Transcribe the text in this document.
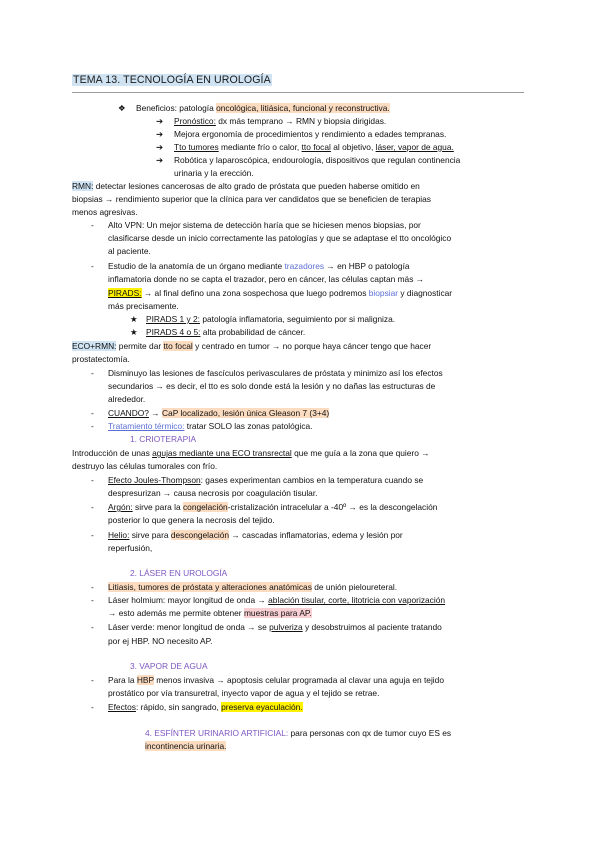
TEMA 13. TECNOLOGÍA EN UROLOGÍA
❖ Beneficios: patología oncológica, litiásica, funcional y reconstructiva.
➔ Pronóstico: dx más temprano → RMN y biopsia dirigidas.
➔ Mejora ergonomía de procedimientos y rendimiento a edades tempranas.
➔ Tto tumores mediante frío o calor, tto focal al objetivo, láser, vapor de agua.
➔ Robótica y laparoscópica, endourología, dispositivos que regulan continencia
urinaria y la erección.
RMN: detectar lesiones cancerosas de alto grado de próstata que pueden haberse omitido en
biopsias → rendimiento superior que la clínica para ver candidatos que se beneficien de terapias
menos agresivas.
- Alto VPN: Un mejor sistema de detección haría que se hiciesen menos biopsias, por
clasificarse desde un inicio correctamente las patologías y que se adaptase el tto oncológico
al paciente.
- Estudio de la anatomía de un órgano mediante trazadores → en HBP o patología
inflamatoria donde no se capta el trazador, pero en cáncer, las células captan más →
PIRADS: → al final defino una zona sospechosa que luego podremos biopsiar y diagnosticar
más precisamente.
★ PIRADS 1 y 2: patología inflamatoria, seguimiento por si maligniza.
★ PIRADS 4 o 5: alta probabilidad de cáncer.
ECO+RMN: permite dar tto focal y centrado en tumor → no porque haya cáncer tengo que hacer
prostatectomía.
- Disminuyo las lesiones de fascículos perivasculares de próstata y minimizo así los efectos
secundarios → es decir, el tto es solo donde está la lesión y no dañas las estructuras de
alrededor.
- CUANDO? → CaP localizado, lesión única Gleason 7 (3+4)
- Tratamiento térmico: tratar SOLO las zonas patológica.
1. CRIOTERAPIA
Introducción de unas agujas mediante una ECO transrectal que me guía a la zona que quiero →
destruyo las células tumorales con frío.
- Efecto Joules-Thompson: gases experimentan cambios en la temperatura cuando se
despresurizan → causa necrosis por coagulación tisular.
- Argón: sirve para la congelación-cristalización intracelular a -40º → es la descongelación
posterior lo que genera la necrosis del tejido.
- Helio: sirve para descongelación → cascadas inflamatorias, edema y lesión por
reperfusión,
2. LÁSER EN UROLOGÍA
- Litiasis, tumores de próstata y alteraciones anatómicas de unión pieloureteral.
- Láser holmium: mayor longitud de onda → ablación tisular, corte, litotricia con vaporización
→ esto además me permite obtener muestras para AP.
- Láser verde: menor longitud de onda → se pulveriza y desobstruimos al paciente tratando
por ej HBP. NO necesito AP.
3. VAPOR DE AGUA
- Para la HBP menos invasiva → apoptosis celular programada al clavar una aguja en tejido
prostático por vía transuretral, inyecto vapor de agua y el tejido se retrae.
- Efectos: rápido, sin sangrado, preserva eyaculación.
4. ESFÍNTER URINARIO ARTIFICIAL: para personas con qx de tumor cuyo ES es
incontinencia urinaria.
